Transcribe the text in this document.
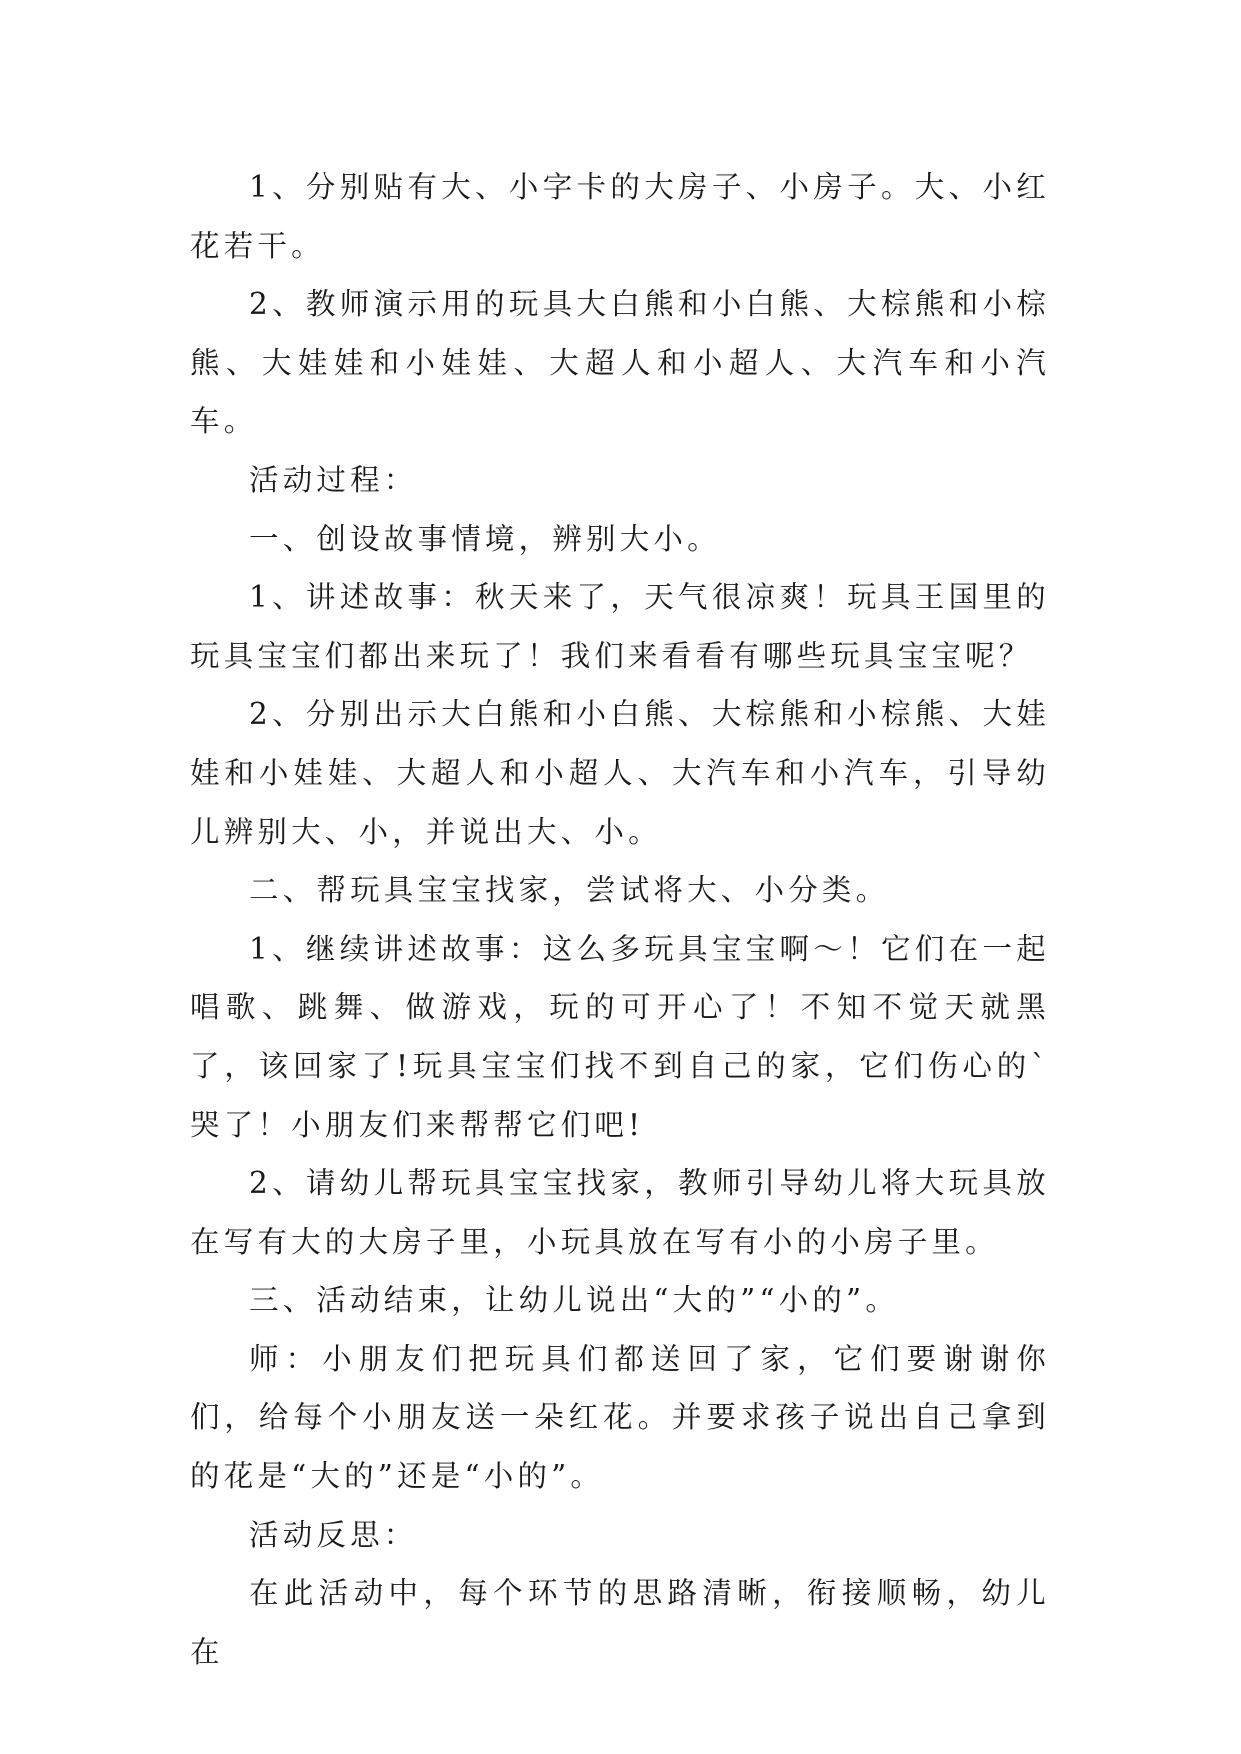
1、分别贴有大、小字卡的大房子、小房子。大、小红花若干。

2、教师演示用的玩具大白熊和小白熊、大棕熊和小棕熊、大娃娃和小娃娃、大超人和小超人、大汽车和小汽车。

活动过程：

一、创设故事情境，辨别大小。

1、讲述故事：秋天来了，天气很凉爽！玩具王国里的玩具宝宝们都出来玩了！我们来看看有哪些玩具宝宝呢？

2、分别出示大白熊和小白熊、大棕熊和小棕熊、大娃娃和小娃娃、大超人和小超人、大汽车和小汽车，引导幼儿辨别大、小，并说出大、小。

二、帮玩具宝宝找家，尝试将大、小分类。

1、继续讲述故事：这么多玩具宝宝啊～！它们在一起唱歌、跳舞、做游戏，玩的可开心了！不知不觉天就黑了，该回家了!玩具宝宝们找不到自己的家，它们伤心的`哭了！小朋友们来帮帮它们吧!

2、请幼儿帮玩具宝宝找家，教师引导幼儿将大玩具放在写有大的大房子里，小玩具放在写有小的小房子里。

三、活动结束，让幼儿说出“大的”“小的”。

师：小朋友们把玩具们都送回了家，它们要谢谢你们，给每个小朋友送一朵红花。并要求孩子说出自己拿到的花是“大的”还是“小的”。

活动反思：

在此活动中，每个环节的思路清晰，衔接顺畅，幼儿在
